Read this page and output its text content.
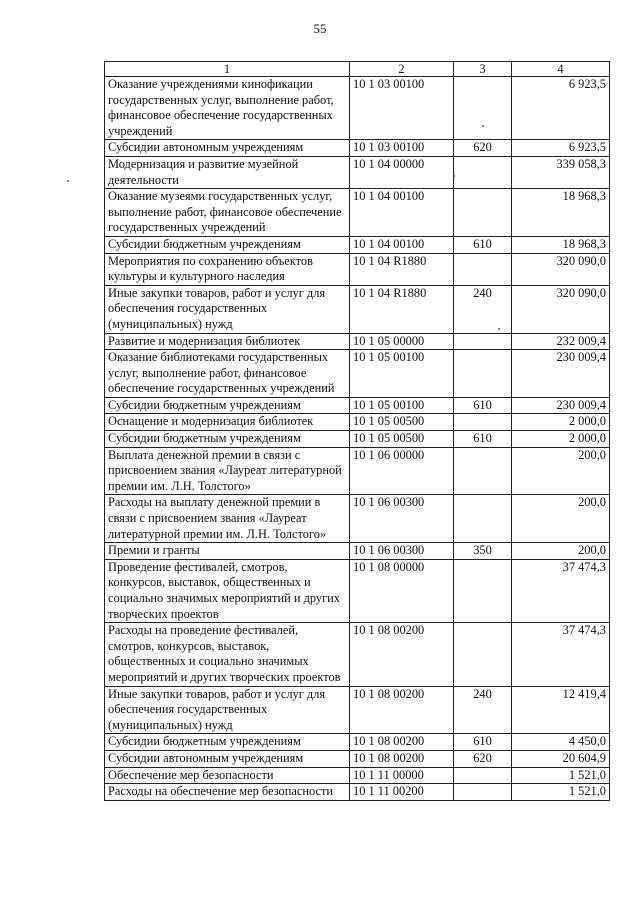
55
1	2	3	4
Оказание учреждениями кинофикации государственных услуг, выполнение работ, финансовое обеспечение государственных учреждений	10 1 03 00100		6 923,5
Субсидии автономным учреждениям	10 1 03 00100	620	6 923,5
Модернизация и развитие музейной деятельности	10 1 04 00000		339 058,3
Оказание музеями государственных услуг, выполнение работ, финансовое обеспечение государственных учреждений	10 1 04 00100		18 968,3
Субсидии бюджетным учреждениям	10 1 04 00100	610	18 968,3
Мероприятия по сохранению объектов культуры и культурного наследия	10 1 04 R1880		320 090,0
Иные закупки товаров, работ и услуг для обеспечения государственных (муниципальных) нужд	10 1 04 R1880	240	320 090,0
Развитие и модернизация библиотек	10 1 05 00000		232 009,4
Оказание библиотеками государственных услуг, выполнение работ, финансовое обеспечение государственных учреждений	10 1 05 00100		230 009,4
Субсидии бюджетным учреждениям	10 1 05 00100	610	230 009,4
Оснащение и модернизация библиотек	10 1 05 00500		2 000,0
Субсидии бюджетным учреждениям	10 1 05 00500	610	2 000,0
Выплата денежной премии в связи с присвоением звания «Лауреат литературной премии им. Л.Н. Толстого»	10 1 06 00000		200,0
Расходы на выплату денежной премии в связи с присвоением звания «Лауреат литературной премии им. Л.Н. Толстого»	10 1 06 00300		200,0
Премии и гранты	10 1 06 00300	350	200,0
Проведение фестивалей, смотров, конкурсов, выставок, общественных и социально значимых мероприятий и других творческих проектов	10 1 08 00000		37 474,3
Расходы на проведение фестивалей, смотров, конкурсов, выставок, общественных и социально значимых мероприятий и других творческих проектов	10 1 08 00200		37 474,3
Иные закупки товаров, работ и услуг для обеспечения государственных (муниципальных) нужд	10 1 08 00200	240	12 419,4
Субсидии бюджетным учреждениям	10 1 08 00200	610	4 450,0
Субсидии автономным учреждениям	10 1 08 00200	620	20 604,9
Обеспечение мер безопасности	10 1 11 00000		1 521,0
Расходы на обеспечение мер безопасности	10 1 11 00200		1 521,0
